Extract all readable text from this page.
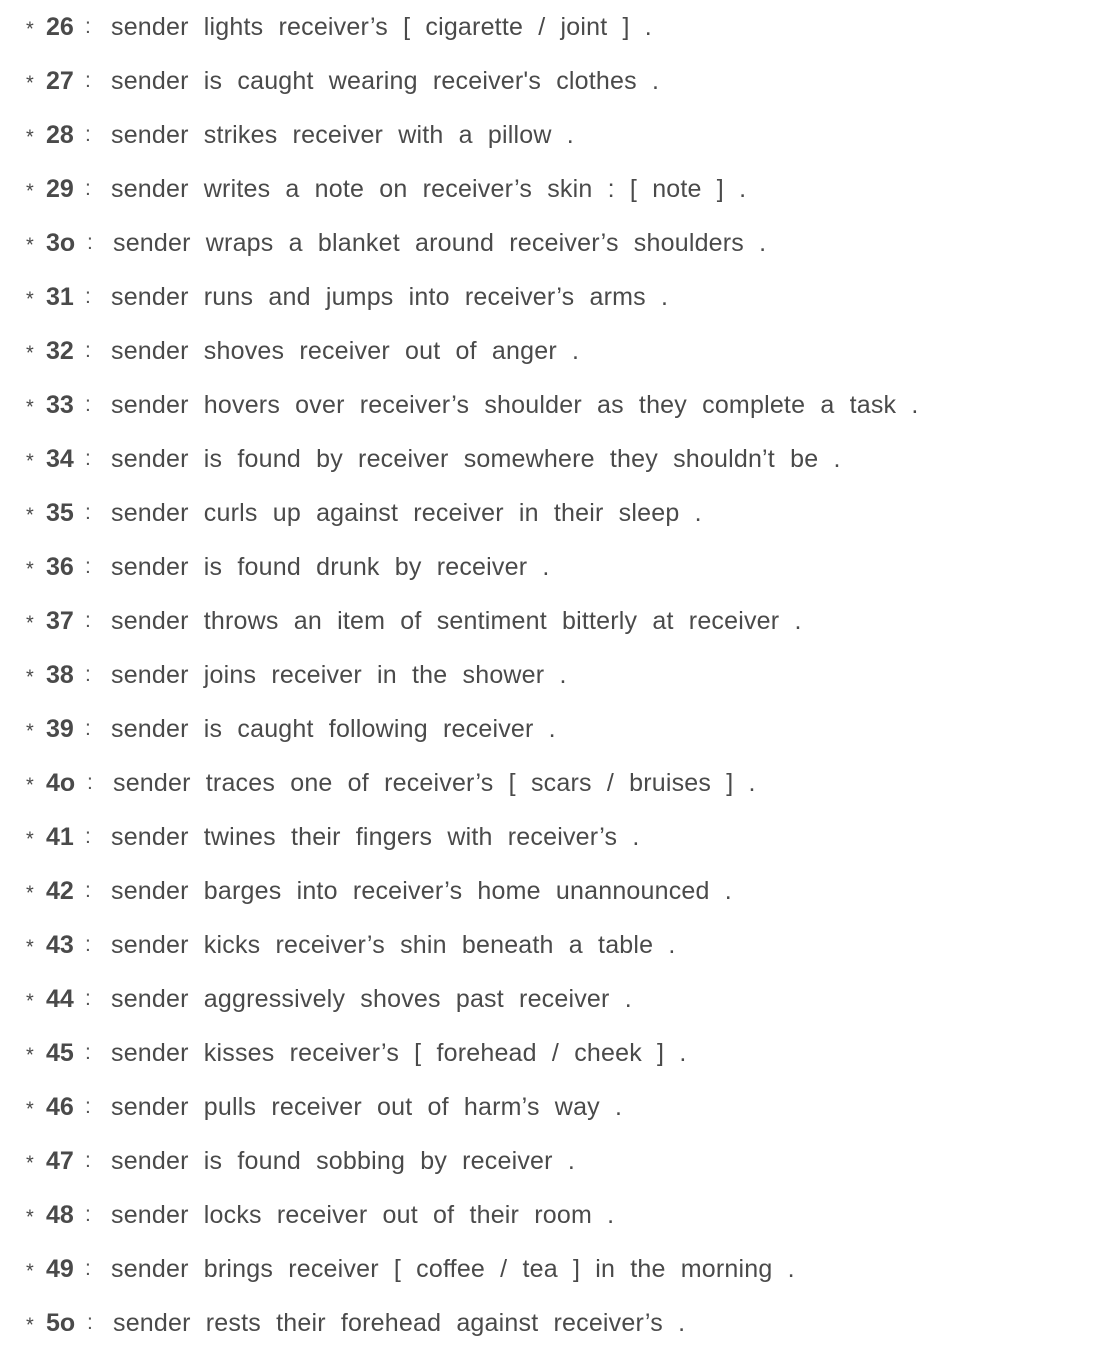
* 26 : sender lights receiver’s [ cigarette / joint ] .
* 27 : sender is caught wearing receiver's clothes .
* 28 : sender strikes receiver with a pillow .
* 29 : sender writes a note on receiver’s skin : [ note ] .
* 3o : sender wraps a blanket around receiver’s shoulders .
* 31 : sender runs and jumps into receiver’s arms .
* 32 : sender shoves receiver out of anger .
* 33 : sender hovers over receiver’s shoulder as they complete a task .
* 34 : sender is found by receiver somewhere they shouldn’t be .
* 35 : sender curls up against receiver in their sleep .
* 36 : sender is found drunk by receiver .
* 37 : sender throws an item of sentiment bitterly at receiver .
* 38 : sender joins receiver in the shower .
* 39 : sender is caught following receiver .
* 4o : sender traces one of receiver’s [ scars / bruises ] .
* 41 : sender twines their fingers with receiver’s .
* 42 : sender barges into receiver’s home unannounced .
* 43 : sender kicks receiver’s shin beneath a table .
* 44 : sender aggressively shoves past receiver .
* 45 : sender kisses receiver’s [ forehead / cheek ] .
* 46 : sender pulls receiver out of harm’s way .
* 47 : sender is found sobbing by receiver .
* 48 : sender locks receiver out of their room .
* 49 : sender brings receiver [ coffee / tea ] in the morning .
* 5o : sender rests their forehead against receiver’s .
